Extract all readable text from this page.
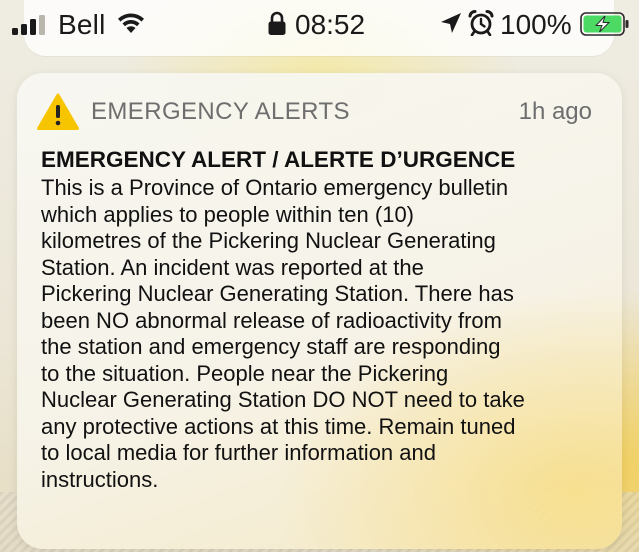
Bell	08:52	100%
EMERGENCY ALERTS	1h ago
EMERGENCY ALERT / ALERTE D’URGENCE
This is a Province of Ontario emergency bulletin
which applies to people within ten (10)
kilometres of the Pickering Nuclear Generating
Station. An incident was reported at the
Pickering Nuclear Generating Station. There has
been NO abnormal release of radioactivity from
the station and emergency staff are responding
to the situation. People near the Pickering
Nuclear Generating Station DO NOT need to take
any protective actions at this time. Remain tuned
to local media for further information and
instructions.
